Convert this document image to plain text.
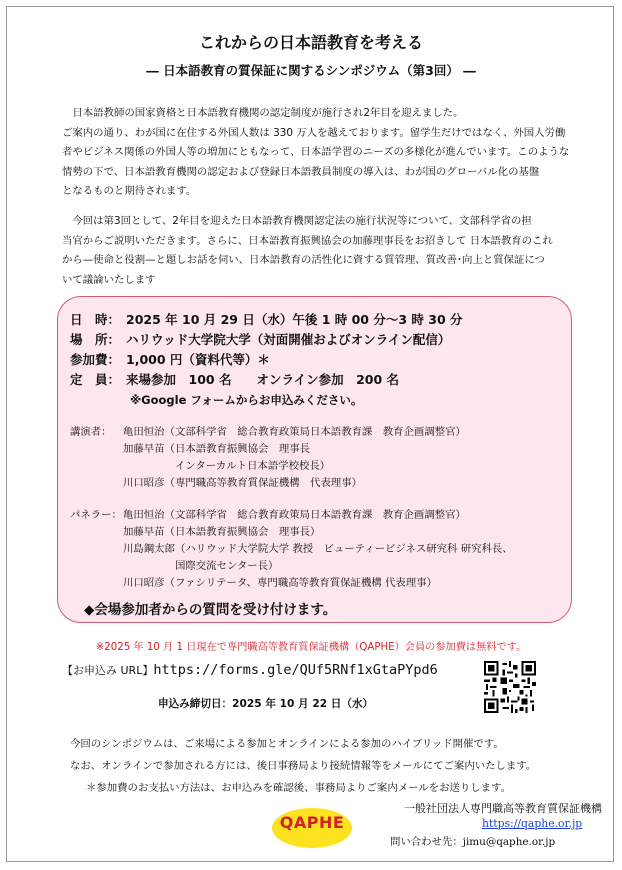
これからの日本語教育を考える
― 日本語教育の質保証に関するシンポジウム（第3回） ―

日本語教師の国家資格と日本語教育機関の認定制度が施行され2年目を迎えました。

ご案内の通り、わが国に在住する外国人数は 330 万人を越えております。留学生だけではなく、外国人労働

者やビジネス関係の外国人等の増加にともなって、日本語学習のニーズの多様化が進んでいます。このような

情勢の下で、日本語教育機関の認定および登録日本語教員制度の導入は、わが国のグローバル化の基盤

となるものと期待されます。

今回は第3回として、2年目を迎えた日本語教育機関認定法の施行状況等について、文部科学省の担

当官からご説明いただきます。さらに、日本語教育振興協会の加藤理事長をお招きして 日本語教育のこれ

から—使命と役割—と題しお話を伺い、日本語教育の活性化に資する質管理、質改善･向上と質保証につ

いて議論いたします

日　時： 2025 年 10 月 29 日（水）午後 1 時 00 分～3 時 30 分
場　所： ハリウッド大学院大学（対面開催およびオンライン配信）
参加費： 1,000 円（資料代等）＊
定　員： 来場参加　100 名　　オンライン参加　200 名
※Google フォームからお申込みください。
講演者： 亀田恒治（文部科学省　総合教育政策局日本語教育課　教育企画調整官）
加藤早苗（日本語教育振興協会　理事長
　　　　　インターカルト日本語学校校長）
川口昭彦（専門職高等教育質保証機構　代表理事）
パネラー： 亀田恒治（文部科学省　総合教育政策局日本語教育課　教育企画調整官）
加藤早苗（日本語教育振興協会　理事長）
川島鋼太郎（ハリウッド大学院大学 教授　ビューティービジネス研究科 研究科長、
　　　　　国際交流センター長）
川口昭彦（ファシリテータ、専門職高等教育質保証機構 代表理事）
◆会場参加者からの質問を受け付けます。
※2025 年 10 月 1 日現在で専門職高等教育質保証機構（QAPHE）会員の参加費は無料です。
【お申込み URL】https://forms.gle/QUf5RNf1xGtaPYpd6
申込み締切日：2025 年 10 月 22 日（水）
今回のシンポジウムは、ご来場による参加とオンラインによる参加のハイブリッド開催です。
なお、オンラインで参加される方には、後日事務局より接続情報等をメールにてご案内いたします。
＊参加費のお支払い方法は、お申込みを確認後、事務局よりご案内メールをお送りします。
QAPHE
一般社団法人専門職高等教育質保証機構
https://qaphe.or.jp
問い合わせ先：jimu@qaphe.or.jp
